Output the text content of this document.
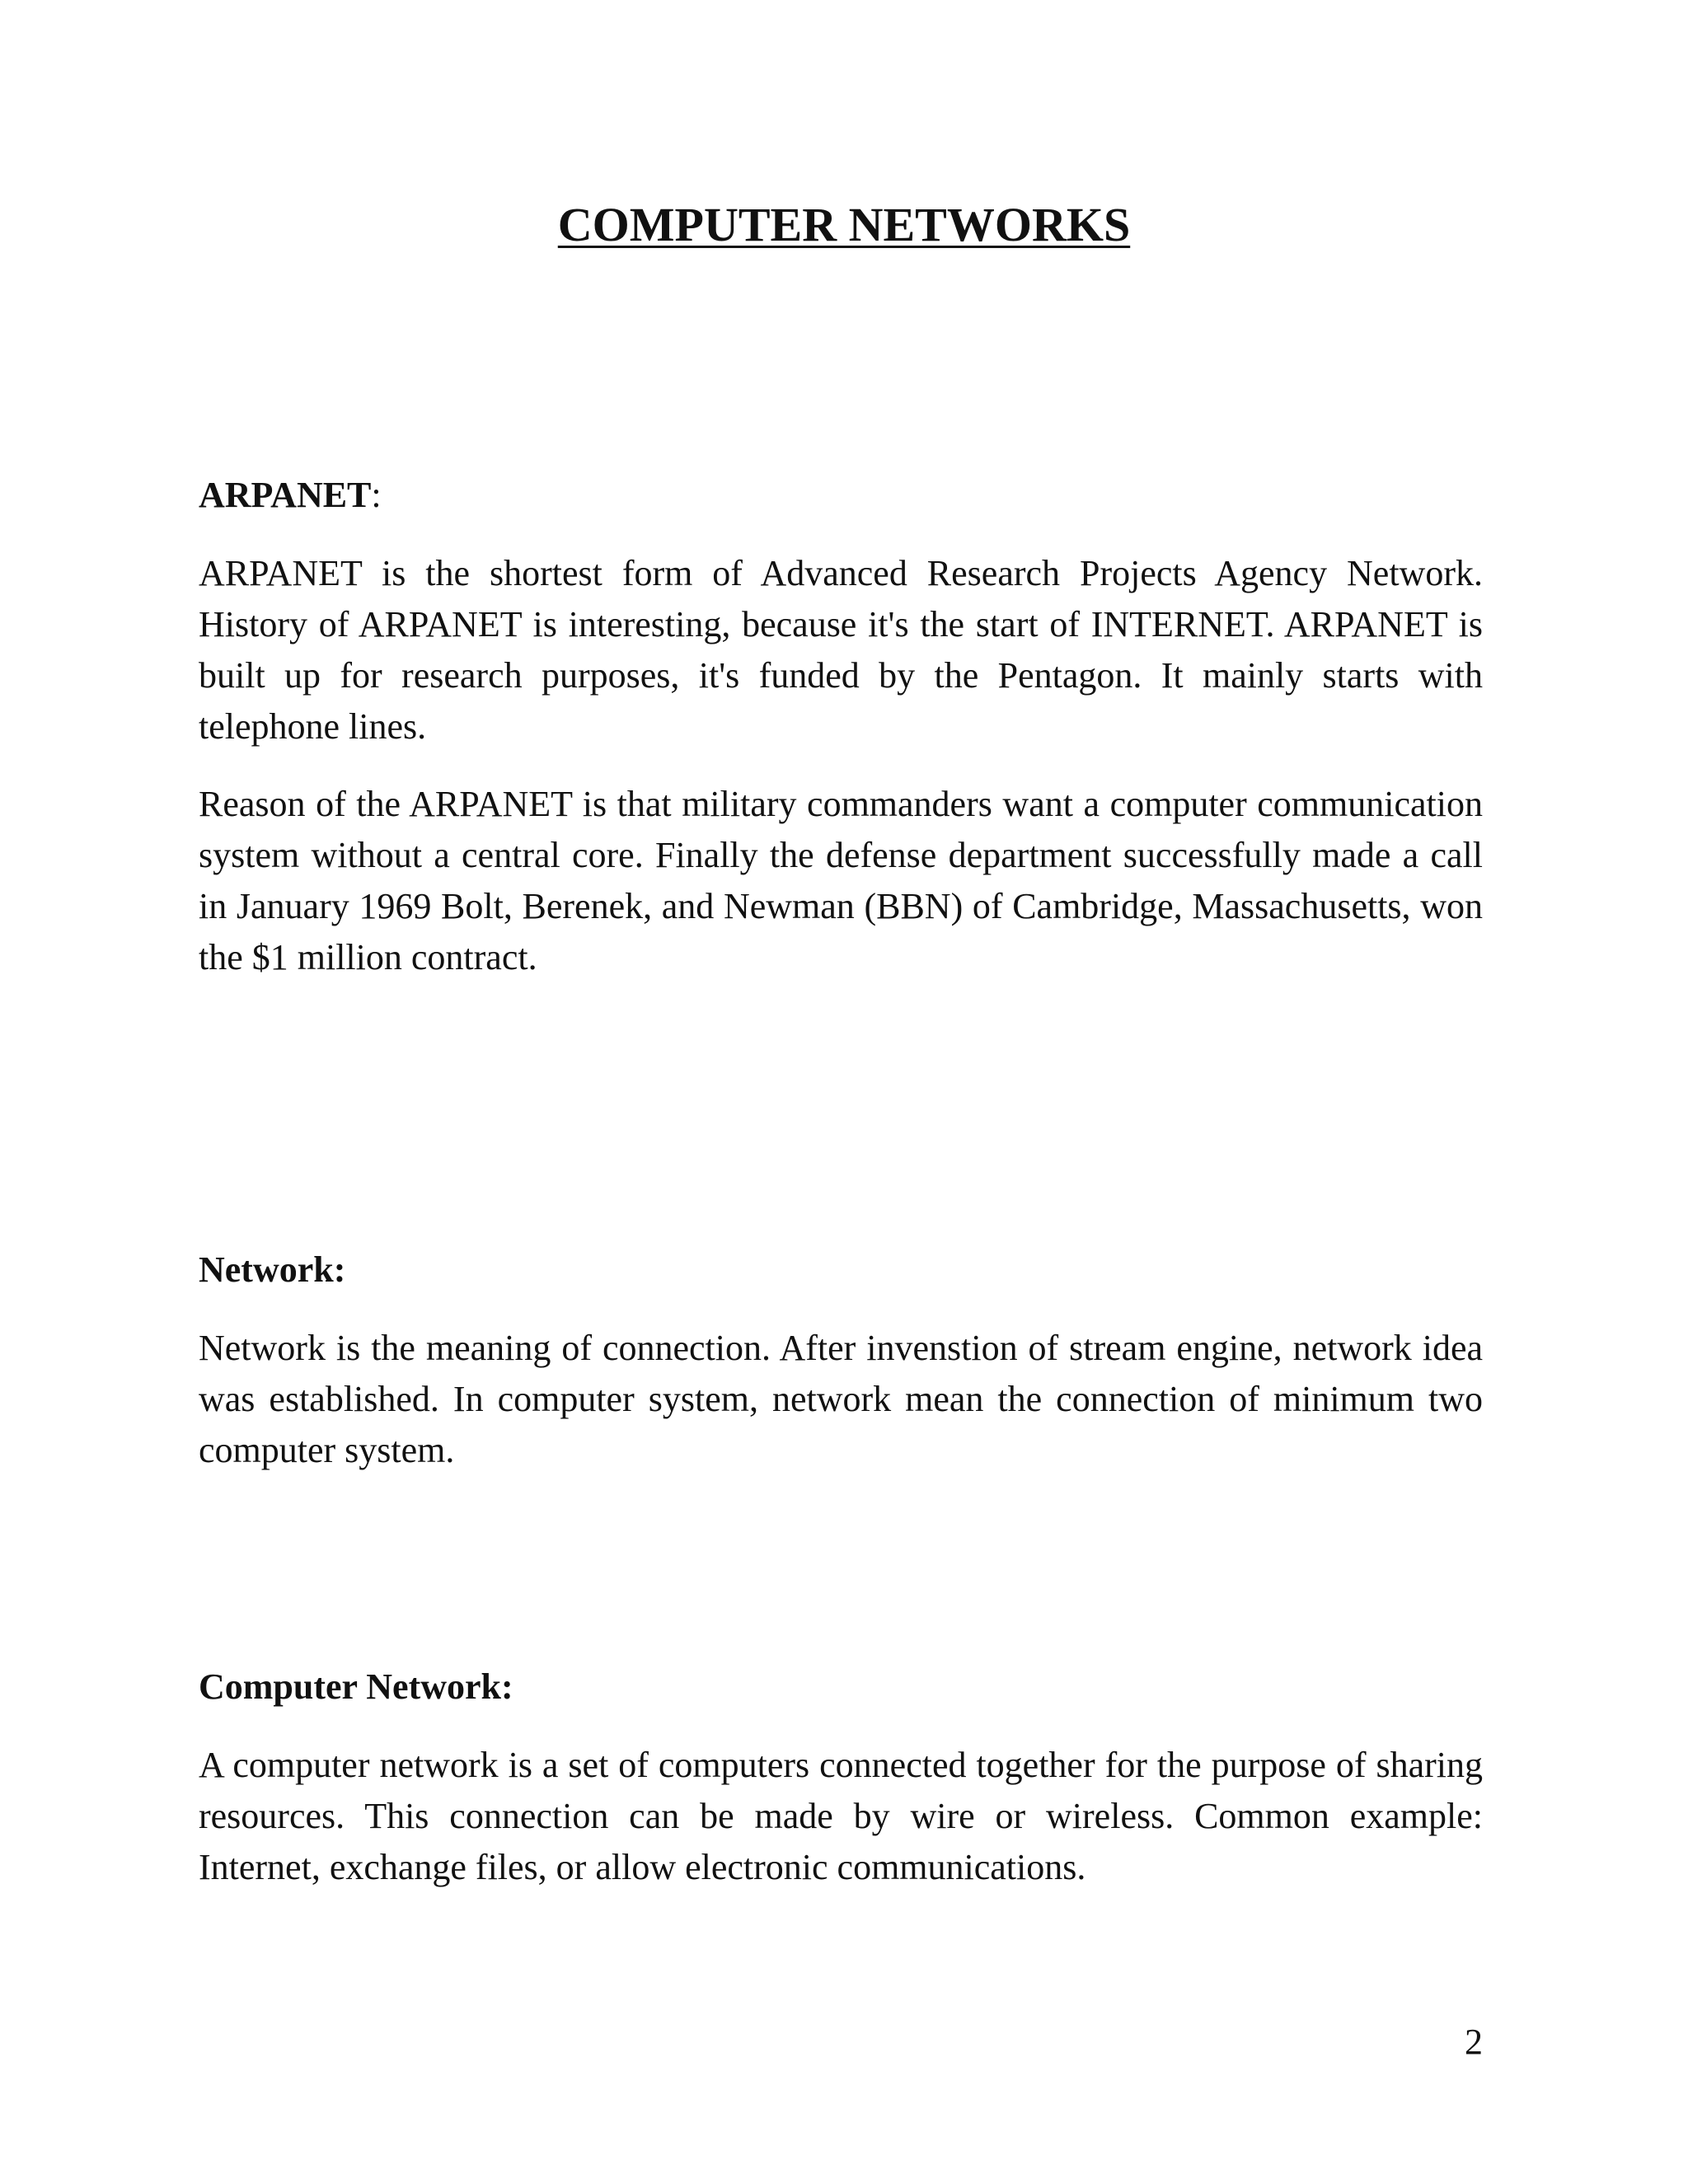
COMPUTER NETWORKS
ARPANET:

ARPANET is the shortest form of Advanced Research Projects Agency Network. History of ARPANET is interesting, because it's the start of INTERNET. ARPANET is built up for research purposes, it's funded by the Pentagon. It mainly starts with telephone lines.

Reason of the ARPANET is that military commanders want a computer communication system without a central core. Finally the defense department successfully made a call in January 1969 Bolt, Berenek, and Newman (BBN) of Cambridge, Massachusetts, won the $1 million contract.

Network:

Network is the meaning of connection. After invenstion of stream engine, network idea was established. In computer system, network mean the connection of minimum two computer system.

Computer Network:

A computer network is a set of computers connected together for the purpose of sharing resources. This connection can be made by wire or wireless. Common example: Internet, exchange files, or allow electronic communications.

2
